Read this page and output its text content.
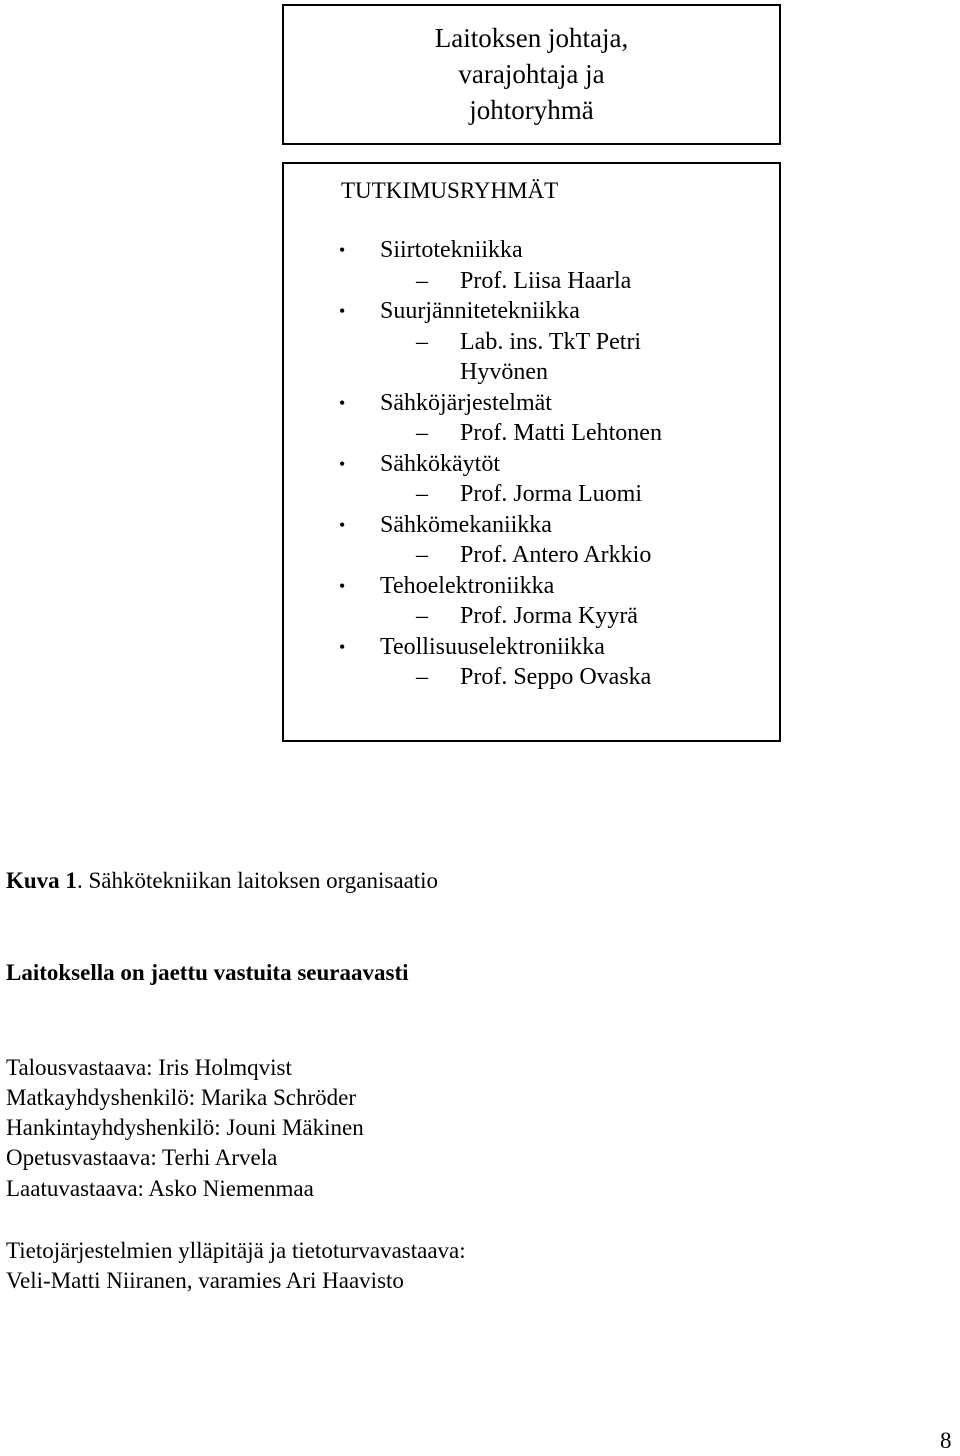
Laitoksen johtaja,
varajohtaja ja
johtoryhmä
TUTKIMUSRYHMÄT
• Siirtotekniikka
– Prof. Liisa Haarla
• Suurjännitetekniikka
– Lab. ins. TkT Petri
Hyvönen
• Sähköjärjestelmät
– Prof. Matti Lehtonen
• Sähkökäytöt
– Prof. Jorma Luomi
• Sähkömekaniikka
– Prof. Antero Arkkio
• Tehoelektroniikka
– Prof. Jorma Kyyrä
• Teollisuuselektroniikka
– Prof. Seppo Ovaska
Kuva 1. Sähkötekniikan laitoksen organisaatio
Laitoksella on jaettu vastuita seuraavasti
Talousvastaava: Iris Holmqvist
Matkayhdyshenkilö: Marika Schröder
Hankintayhdyshenkilö: Jouni Mäkinen
Opetusvastaava: Terhi Arvela
Laatuvastaava: Asko Niemenmaa
Tietojärjestelmien ylläpitäjä ja tietoturvavastaava:
Veli-Matti Niiranen, varamies Ari Haavisto
8
